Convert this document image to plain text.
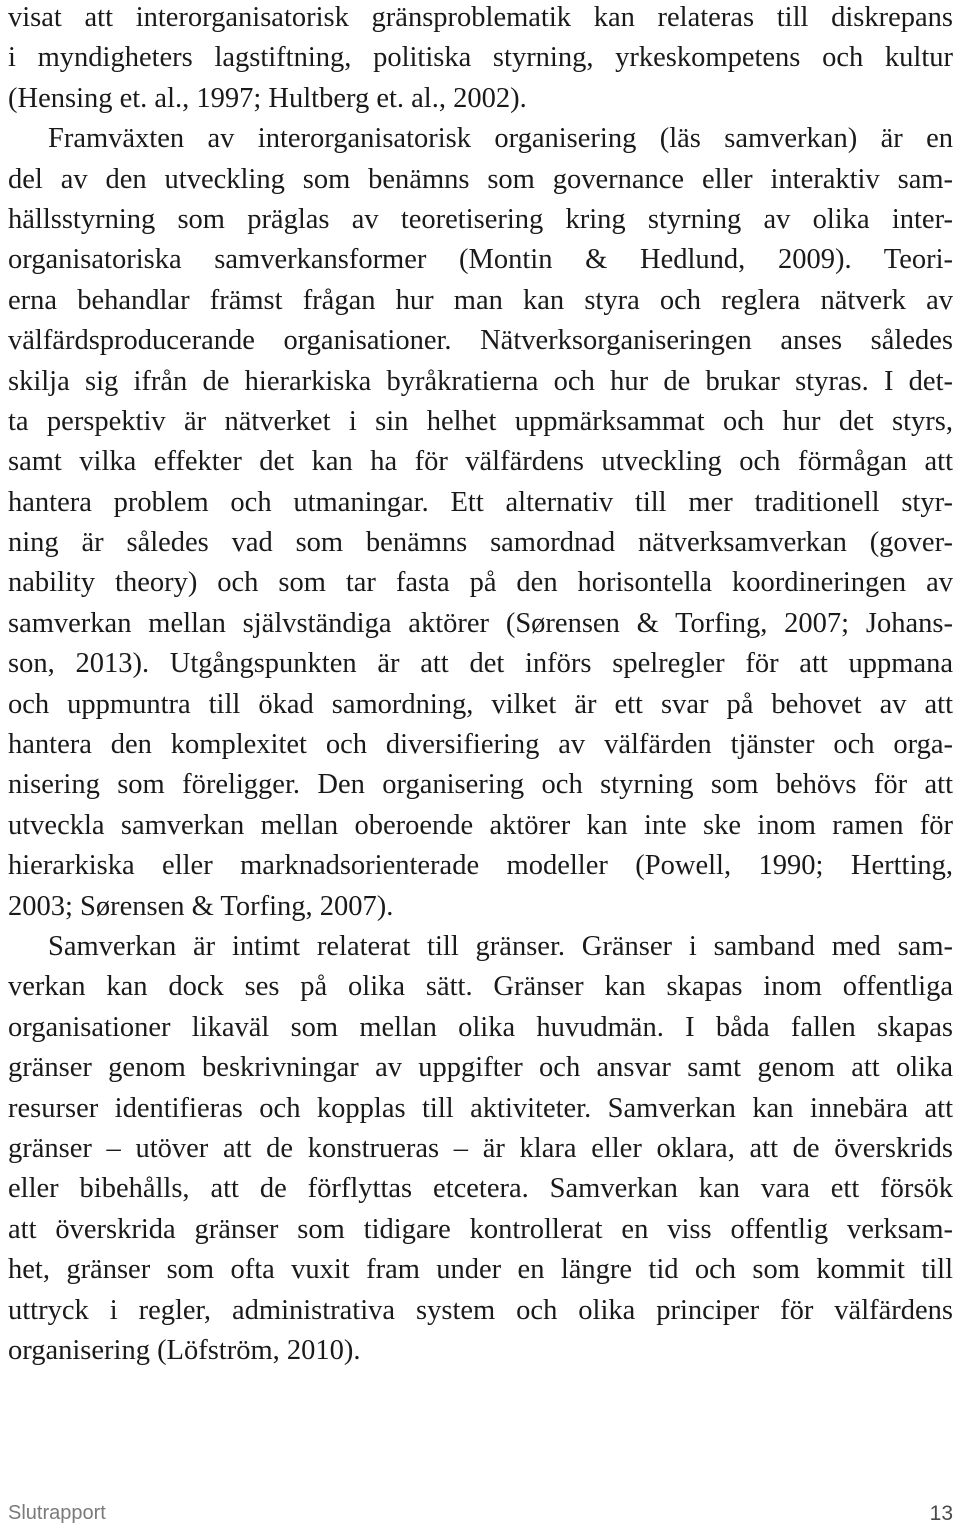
visat att interorganisatorisk gränsproblematik kan relateras till diskrepans
i myndigheters lagstiftning, politiska styrning, yrkeskompetens och kultur
(Hensing et. al., 1997; Hultberg et. al., 2002).
Framväxten av interorganisatorisk organisering (läs samverkan) är en
del av den utveckling som benämns som governance eller interaktiv sam-
hällsstyrning som präglas av teoretisering kring styrning av olika inter-
organisatoriska samverkansformer (Montin & Hedlund, 2009). Teori-
erna behandlar främst frågan hur man kan styra och reglera nätverk av
välfärdsproducerande organisationer. Nätverksorganiseringen anses således
skilja sig ifrån de hierarkiska byråkratierna och hur de brukar styras. I det-
ta perspektiv är nätverket i sin helhet uppmärksammat och hur det styrs,
samt vilka effekter det kan ha för välfärdens utveckling och förmågan att
hantera problem och utmaningar. Ett alternativ till mer traditionell styr-
ning är således vad som benämns samordnad nätverksamverkan (gover-
nability theory) och som tar fasta på den horisontella koordineringen av
samverkan mellan självständiga aktörer (Sørensen & Torfing, 2007; Johans-
son, 2013). Utgångspunkten är att det införs spelregler för att uppmana
och uppmuntra till ökad samordning, vilket är ett svar på behovet av att
hantera den komplexitet och diversifiering av välfärden tjänster och orga-
nisering som föreligger. Den organisering och styrning som behövs för att
utveckla samverkan mellan oberoende aktörer kan inte ske inom ramen för
hierarkiska eller marknadsorienterade modeller (Powell, 1990; Hertting,
2003; Sørensen & Torfing, 2007).
Samverkan är intimt relaterat till gränser. Gränser i samband med sam-
verkan kan dock ses på olika sätt. Gränser kan skapas inom offentliga
organisationer likaväl som mellan olika huvudmän. I båda fallen skapas
gränser genom beskrivningar av uppgifter och ansvar samt genom att olika
resurser identifieras och kopplas till aktiviteter. Samverkan kan innebära att
gränser – utöver att de konstrueras – är klara eller oklara, att de överskrids
eller bibehålls, att de förflyttas etcetera. Samverkan kan vara ett försök
att överskrida gränser som tidigare kontrollerat en viss offentlig verksam-
het, gränser som ofta vuxit fram under en längre tid och som kommit till
uttryck i regler, administrativa system och olika principer för välfärdens
organisering (Löfström, 2010).
Slutrapport	13
